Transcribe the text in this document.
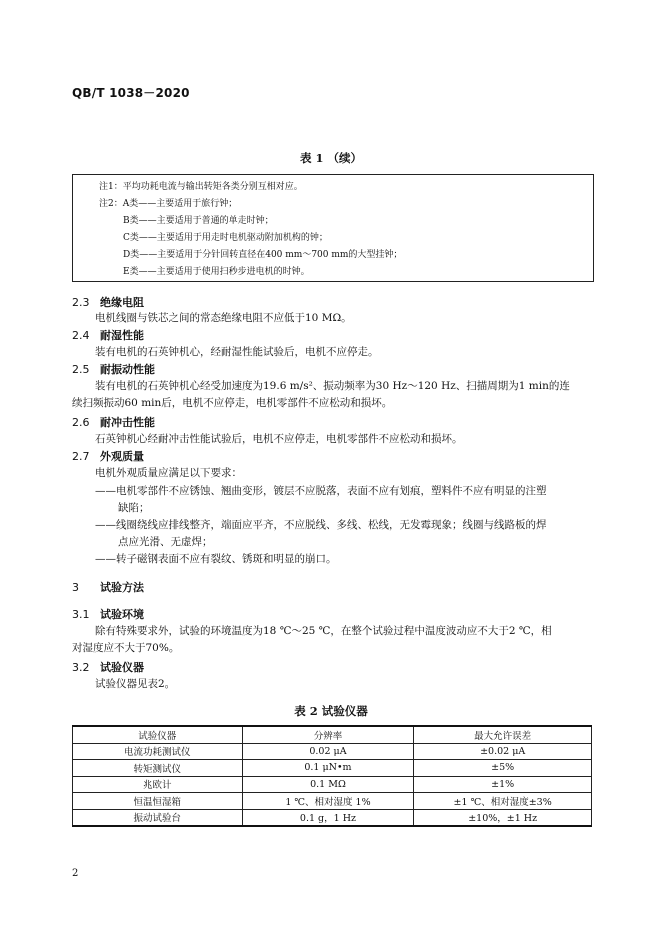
QB/T 1038－2020
表 1 （续）
注1：平均功耗电流与输出转矩各类分别互相对应。
注2：A类——主要适用于旅行钟；
B类——主要适用于普通的单走时钟；
C类——主要适用于用走时电机驱动附加机构的钟；
D类——主要适用于分针回转直径在400 mm～700 mm的大型挂钟；
E类——主要适用于使用扫秒步进电机的时钟。
2.3 绝缘电阻
电机线圈与铁芯之间的常态绝缘电阻不应低于10 MΩ。
2.4 耐湿性能
装有电机的石英钟机心，经耐湿性能试验后，电机不应停走。
2.5 耐振动性能
装有电机的石英钟机心经受加速度为19.6 m/s²、振动频率为30 Hz～120 Hz、扫描周期为1 min的连
续扫频振动60 min后，电机不应停走，电机零部件不应松动和损坏。
2.6 耐冲击性能
石英钟机心经耐冲击性能试验后，电机不应停走，电机零部件不应松动和损坏。
2.7 外观质量
电机外观质量应满足以下要求：
——电机零部件不应锈蚀、翘曲变形，镀层不应脱落，表面不应有划痕，塑料件不应有明显的注塑
缺陷；
——线圈绕线应排线整齐，端面应平齐，不应脱线、多线、松线，无发霉现象；线圈与线路板的焊
点应光滑、无虚焊；
——转子磁钢表面不应有裂纹、锈斑和明显的崩口。
3 试验方法
3.1 试验环境
除有特殊要求外，试验的环境温度为18 ℃～25 ℃，在整个试验过程中温度波动应不大于2 ℃，相
对湿度应不大于70%。
3.2 试验仪器
试验仪器见表2。
表 2 试验仪器
试验仪器	分辨率	最大允许误差
电流功耗测试仪	0.02 μA	±0.02 μA
转矩测试仪	0.1 μN•m	±5%
兆欧计	0.1 MΩ	±1%
恒温恒湿箱	1 ℃、相对湿度 1%	±1 ℃、相对湿度±3%
振动试验台	0.1 g，1 Hz	±10%，±1 Hz
2
